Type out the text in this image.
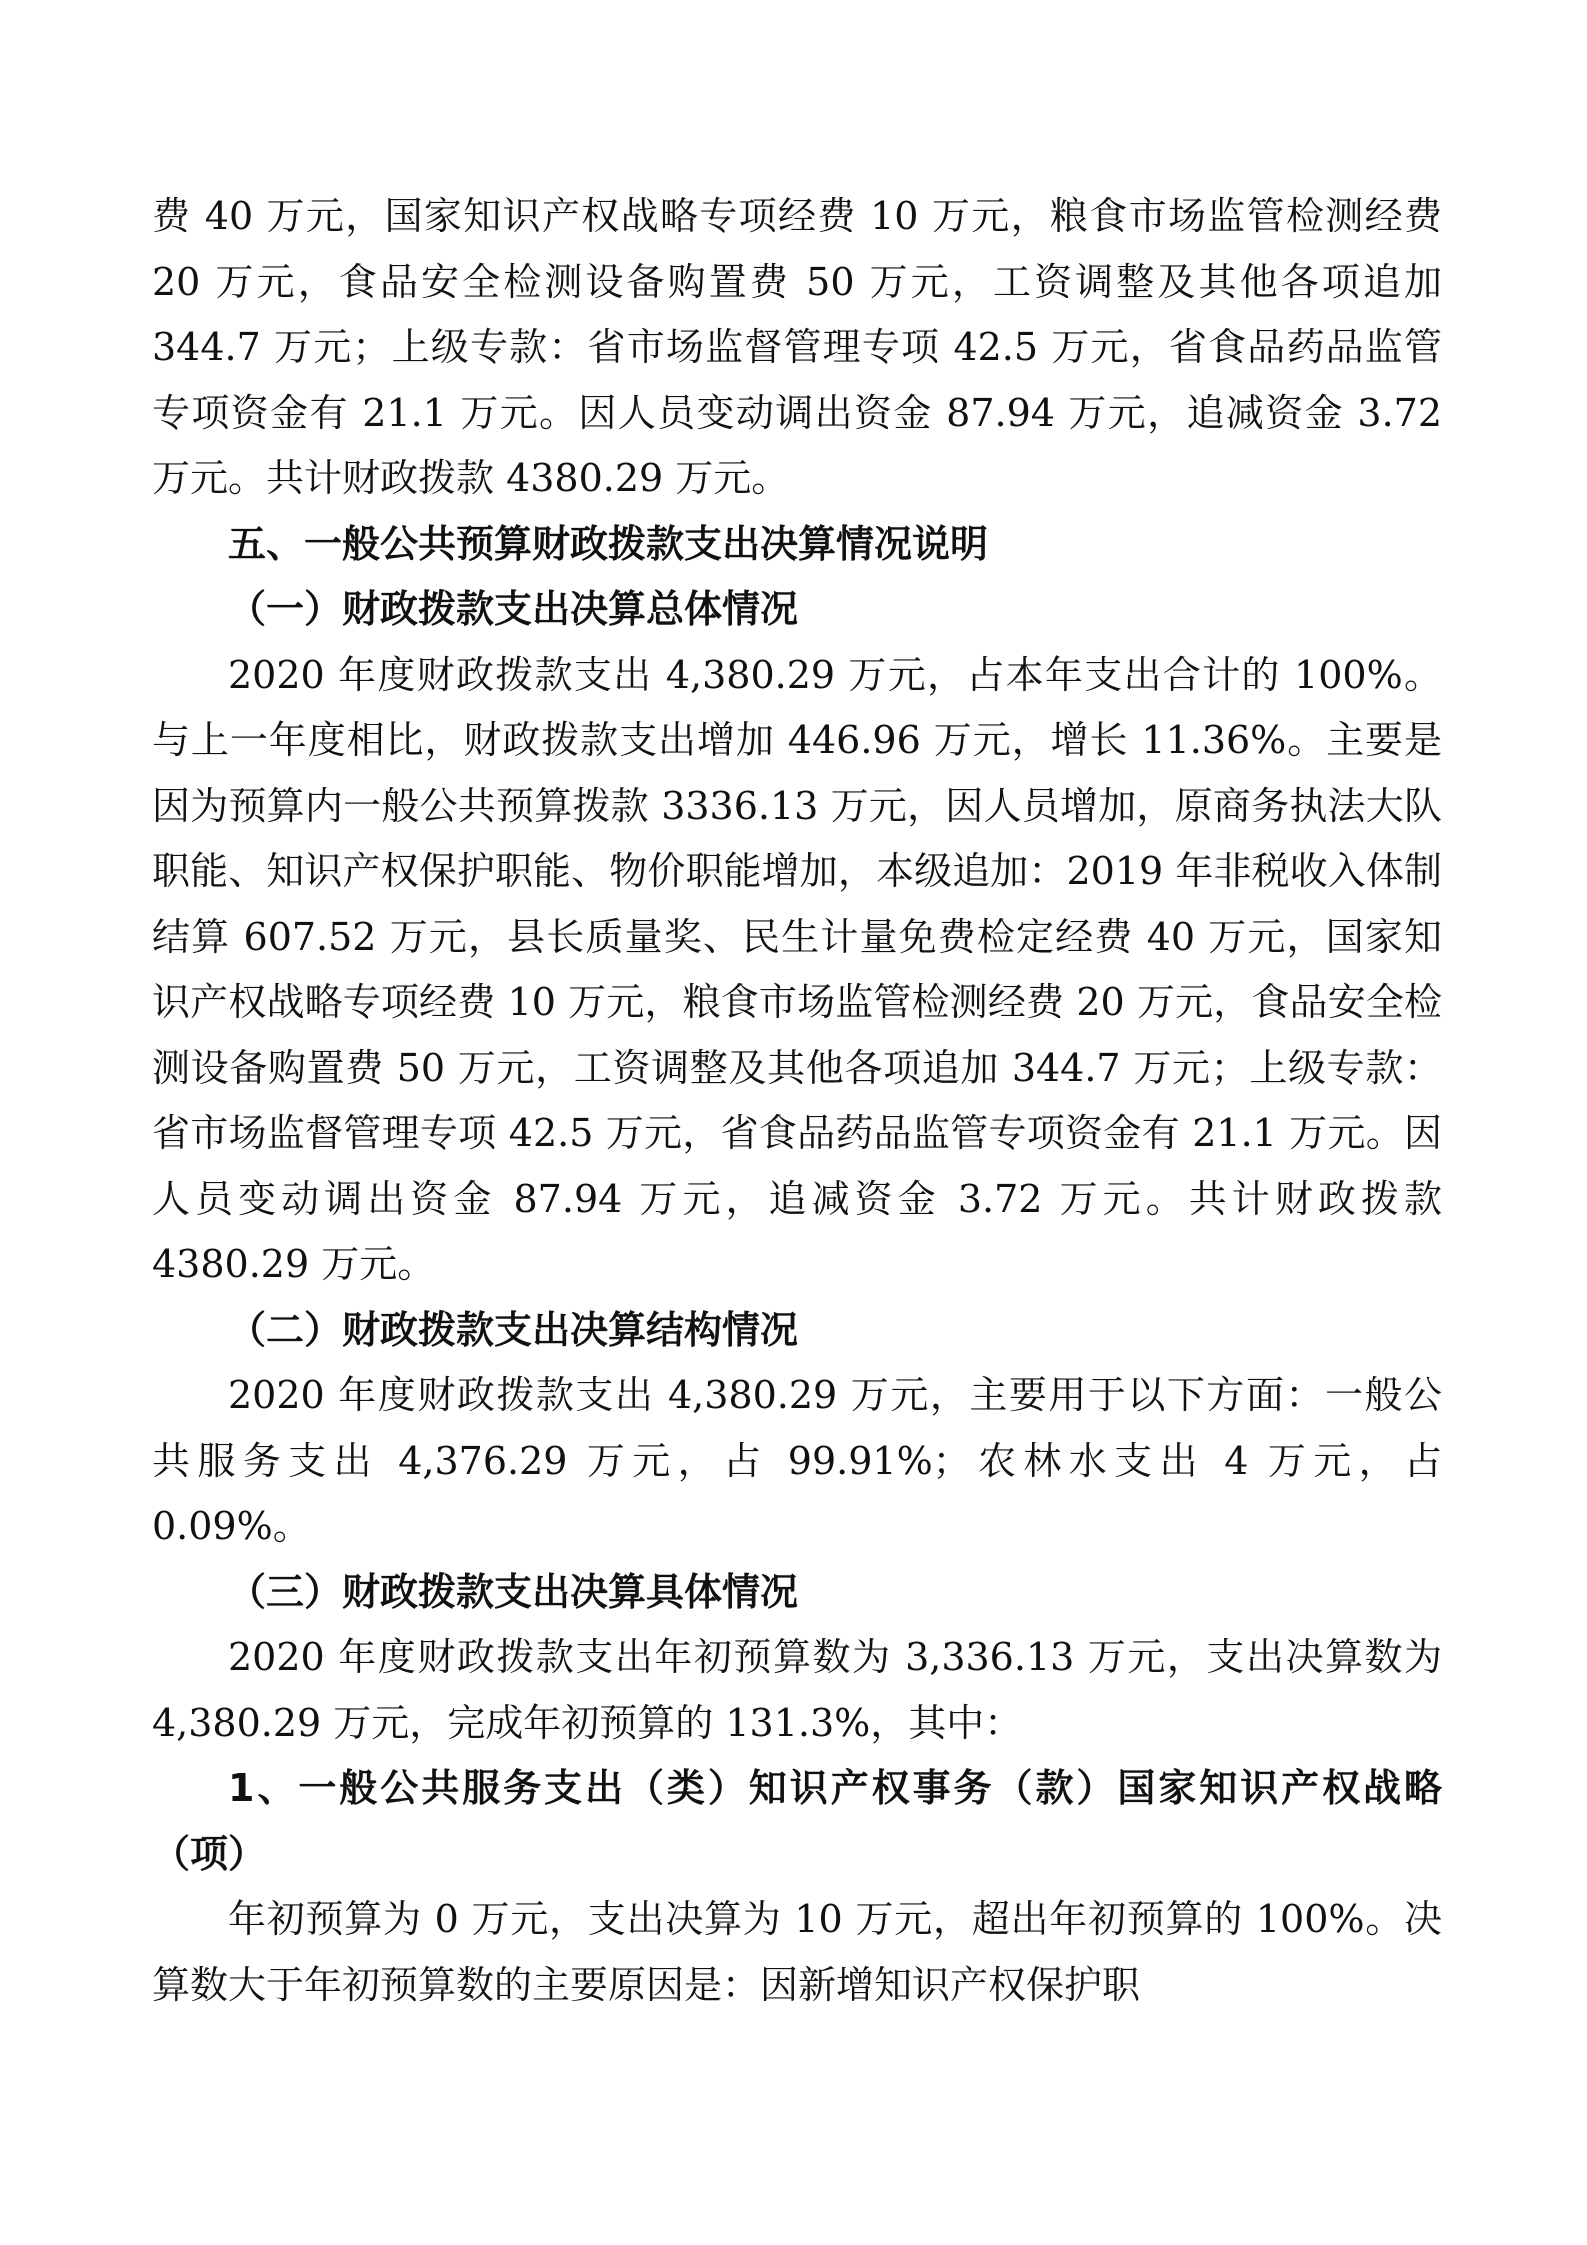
费 40 万元，国家知识产权战略专项经费 10 万元，粮食市场监管检测经费 20 万元，食品安全检测设备购置费 50 万元，工资调整及其他各项追加 344.7 万元；上级专款：省市场监督管理专项 42.5 万元，省食品药品监管专项资金有 21.1 万元。因人员变动调出资金 87.94 万元，追减资金 3.72 万元。共计财政拨款 4380.29 万元。

五、一般公共预算财政拨款支出决算情况说明

（一）财政拨款支出决算总体情况

2020 年度财政拨款支出 4,380.29 万元，占本年支出合计的 100%。与上一年度相比，财政拨款支出增加 446.96 万元，增长 11.36%。主要是因为预算内一般公共预算拨款 3336.13 万元，因人员增加，原商务执法大队职能、知识产权保护职能、物价职能增加，本级追加：2019 年非税收入体制结算 607.52 万元，县长质量奖、民生计量免费检定经费 40 万元，国家知识产权战略专项经费 10 万元，粮食市场监管检测经费 20 万元，食品安全检测设备购置费 50 万元，工资调整及其他各项追加 344.7 万元；上级专款：省市场监督管理专项 42.5 万元，省食品药品监管专项资金有 21.1 万元。因人员变动调出资金 87.94 万元，追减资金 3.72 万元。共计财政拨款 4380.29 万元。

（二）财政拨款支出决算结构情况

2020 年度财政拨款支出 4,380.29 万元，主要用于以下方面：一般公共服务支出 4,376.29 万元，占 99.91%；农林水支出 4 万元，占 0.09%。

（三）财政拨款支出决算具体情况

2020 年度财政拨款支出年初预算数为 3,336.13 万元，支出决算数为 4,380.29 万元，完成年初预算的 131.3%，其中：

1、一般公共服务支出（类）知识产权事务（款）国家知识产权战略（项）

年初预算为 0 万元，支出决算为 10 万元，超出年初预算的 100%。决算数大于年初预算数的主要原因是：因新增知识产权保护职
